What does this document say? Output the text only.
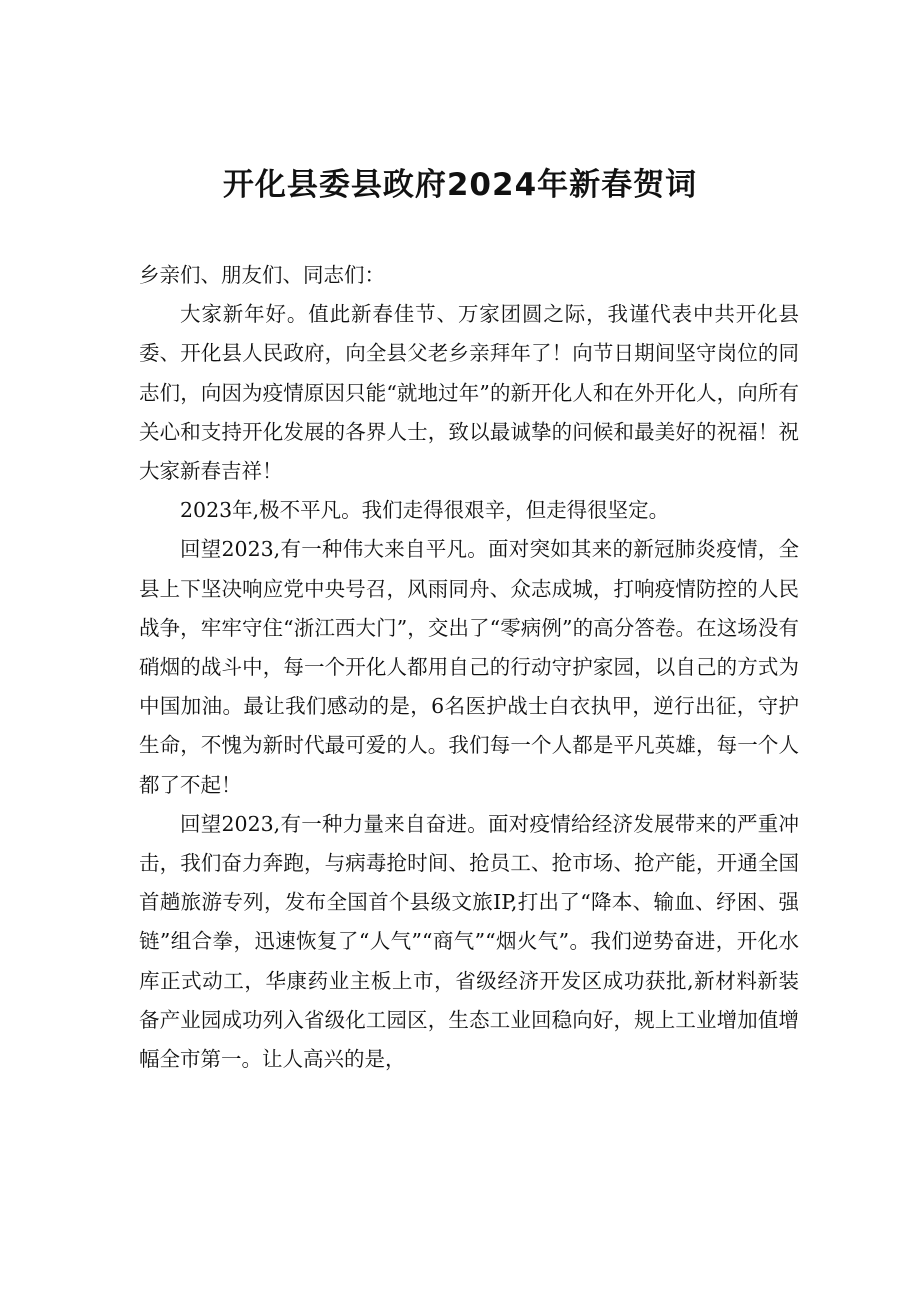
开化县委县政府2024年新春贺词

乡亲们、朋友们、同志们：

大家新年好。值此新春佳节、万家团圆之际，我谨代表中共开化县委、开化县人民政府，向全县父老乡亲拜年了！向节日期间坚守岗位的同志们，向因为疫情原因只能“就地过年”的新开化人和在外开化人，向所有关心和支持开化发展的各界人士，致以最诚挚的问候和最美好的祝福！祝大家新春吉祥！

2023年,极不平凡。我们走得很艰辛，但走得很坚定。

回望2023,有一种伟大来自平凡。面对突如其来的新冠肺炎疫情，全县上下坚决响应党中央号召，风雨同舟、众志成城，打响疫情防控的人民战争，牢牢守住“浙江西大门”，交出了“零病例”的高分答卷。在这场没有硝烟的战斗中，每一个开化人都用自己的行动守护家园，以自己的方式为中国加油。最让我们感动的是，6名医护战士白衣执甲，逆行出征，守护生命，不愧为新时代最可爱的人。我们每一个人都是平凡英雄，每一个人都了不起！

回望2023,有一种力量来自奋进。面对疫情给经济发展带来的严重冲击，我们奋力奔跑，与病毒抢时间、抢员工、抢市场、抢产能，开通全国首趟旅游专列，发布全国首个县级文旅IP,打出了“降本、输血、纾困、强链”组合拳，迅速恢复了“人气”“商气”“烟火气”。我们逆势奋进，开化水库正式动工，华康药业主板上市，省级经济开发区成功获批,新材料新装备产业园成功列入省级化工园区，生态工业回稳向好，规上工业增加值增幅全市第一。让人高兴的是，
